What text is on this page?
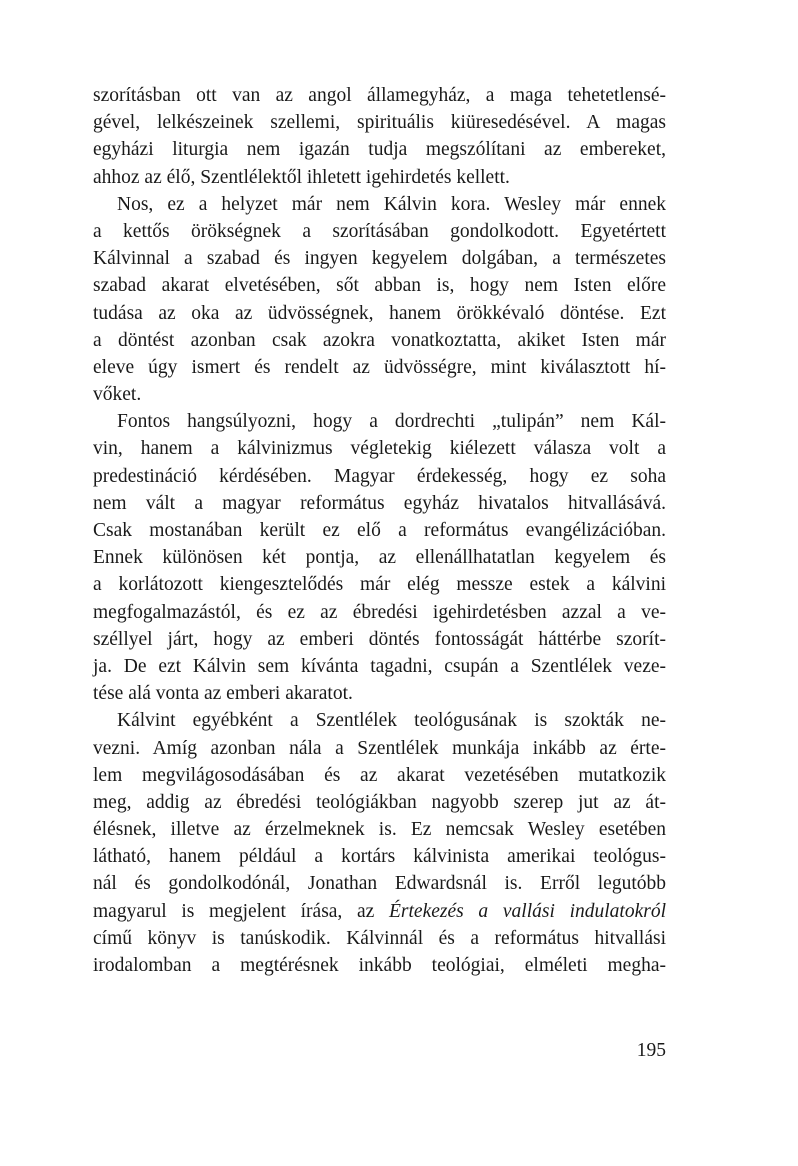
szorításban ott van az angol államegyház, a maga tehetetlensé-
gével, lelkészeinek szellemi, spirituális kiüresedésével. A magas
egyházi liturgia nem igazán tudja megszólítani az embereket,
ahhoz az élő, Szentlélektől ihletett igehirdetés kellett.
Nos, ez a helyzet már nem Kálvin kora. Wesley már ennek
a kettős örökségnek a szorításában gondolkodott. Egyetértett
Kálvinnal a szabad és ingyen kegyelem dolgában, a természetes
szabad akarat elvetésében, sőt abban is, hogy nem Isten előre
tudása az oka az üdvösségnek, hanem örökkévaló döntése. Ezt
a döntést azonban csak azokra vonatkoztatta, akiket Isten már
eleve úgy ismert és rendelt az üdvösségre, mint kiválasztott hí-
vőket.
Fontos hangsúlyozni, hogy a dordrechti „tulipán” nem Kál-
vin, hanem a kálvinizmus végletekig kiélezett válasza volt a
predestináció kérdésében. Magyar érdekesség, hogy ez soha
nem vált a magyar református egyház hivatalos hitvallásává.
Csak mostanában került ez elő a református evangélizációban.
Ennek különösen két pontja, az ellenállhatatlan kegyelem és
a korlátozott kiengesztelődés már elég messze estek a kálvini
megfogalmazástól, és ez az ébredési igehirdetésben azzal a ve-
széllyel járt, hogy az emberi döntés fontosságát háttérbe szorít-
ja. De ezt Kálvin sem kívánta tagadni, csupán a Szentlélek veze-
tése alá vonta az emberi akaratot.
Kálvint egyébként a Szentlélek teológusának is szokták ne-
vezni. Amíg azonban nála a Szentlélek munkája inkább az érte-
lem megvilágosodásában és az akarat vezetésében mutatkozik
meg, addig az ébredési teológiákban nagyobb szerep jut az át-
élésnek, illetve az érzelmeknek is. Ez nemcsak Wesley esetében
látható, hanem például a kortárs kálvinista amerikai teológus-
nál és gondolkodónál, Jonathan Edwardsnál is. Erről legutóbb
magyarul is megjelent írása, az Értekezés a vallási indulatokról
című könyv is tanúskodik. Kálvinnál és a református hitvallási
irodalomban a megtérésnek inkább teológiai, elméleti megha-
195
